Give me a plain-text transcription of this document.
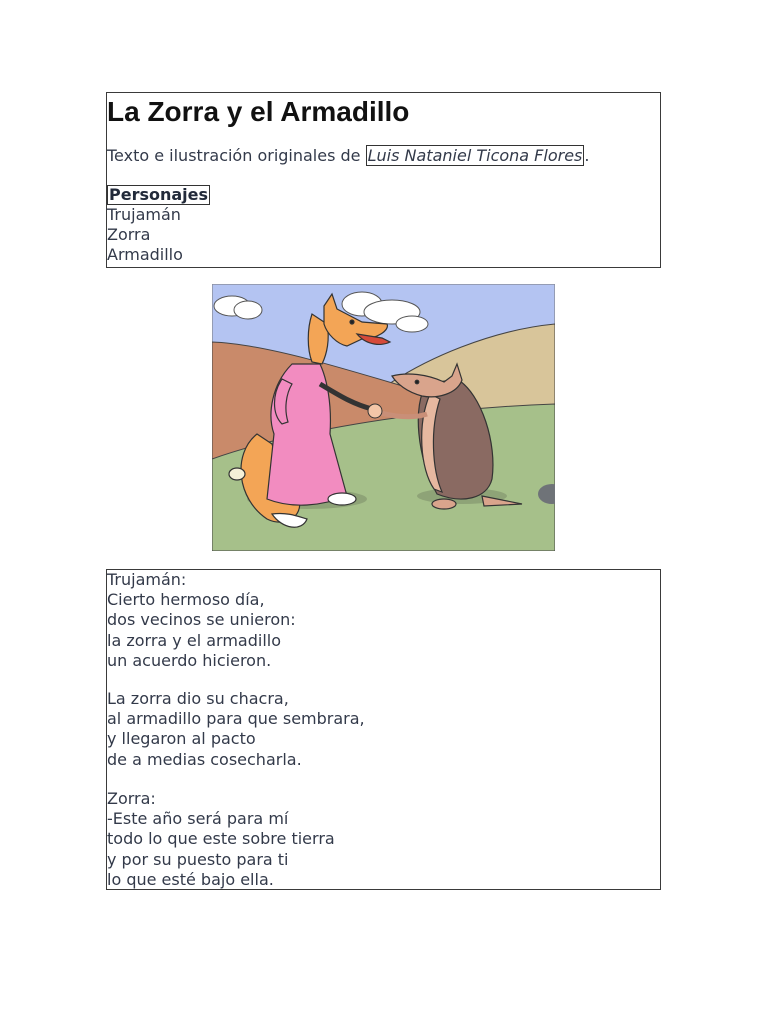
La Zorra y el Armadillo
Texto e ilustración originales de Luis Nataniel Ticona Flores .
Personajes
Trujamán
Zorra
Armadillo
Trujamán:
Cierto hermoso día,
dos vecinos se unieron:
la zorra y el armadillo
un acuerdo hicieron.
La zorra dio su chacra,
al armadillo para que sembrara,
y llegaron al pacto
de a medias cosecharla.
Zorra:
-Este año será para mí
todo lo que este sobre tierra
y por su puesto para ti
lo que esté bajo ella.
